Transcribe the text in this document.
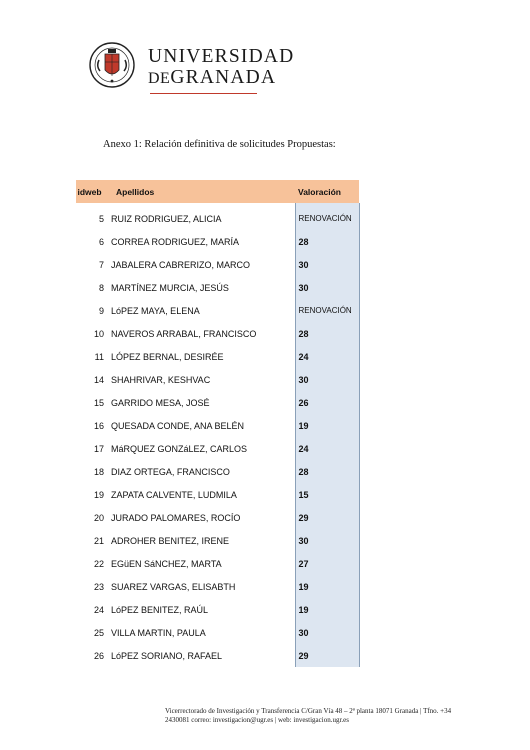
UNIVERSIDAD
DEGRANADA
Anexo 1: Relación definitiva de solicitudes Propuestas:
idweb	Apellidos	Valoración

5	RUIZ RODRIGUEZ, ALICIA	RENOVACIÓN
6	CORREA RODRIGUEZ, MARÍA	28
7	JABALERA CABRERIZO, MARCO	30
8	MARTÍNEZ MURCIA, JESÚS	30
9	LóPEZ MAYA, ELENA	RENOVACIÓN
10	NAVEROS ARRABAL, FRANCISCO	28
11	LÓPEZ BERNAL, DESIRÉE	24
14	SHAHRIVAR, KESHVAC	30
15	GARRIDO MESA, JOSÉ	26
16	QUESADA CONDE, ANA BELÉN	19
17	MáRQUEZ GONZáLEZ, CARLOS	24
18	DIAZ ORTEGA, FRANCISCO	28
19	ZAPATA CALVENTE, LUDMILA	15
20	JURADO PALOMARES, ROCÍO	29
21	ADROHER BENITEZ, IRENE	30
22	EGüEN SáNCHEZ, MARTA	27
23	SUAREZ VARGAS, ELISABTH	19
24	LóPEZ BENITEZ, RAÚL	19
25	VILLA MARTIN, PAULA	30
26	LóPEZ SORIANO, RAFAEL	29
Vicerrectorado de Investigación y Transferencia C/Gran Vía 48 – 2ª planta 18071 Granada | Tfno. +34
2430081 correo: investigacion@ugr.es | web: investigacion.ugr.es
